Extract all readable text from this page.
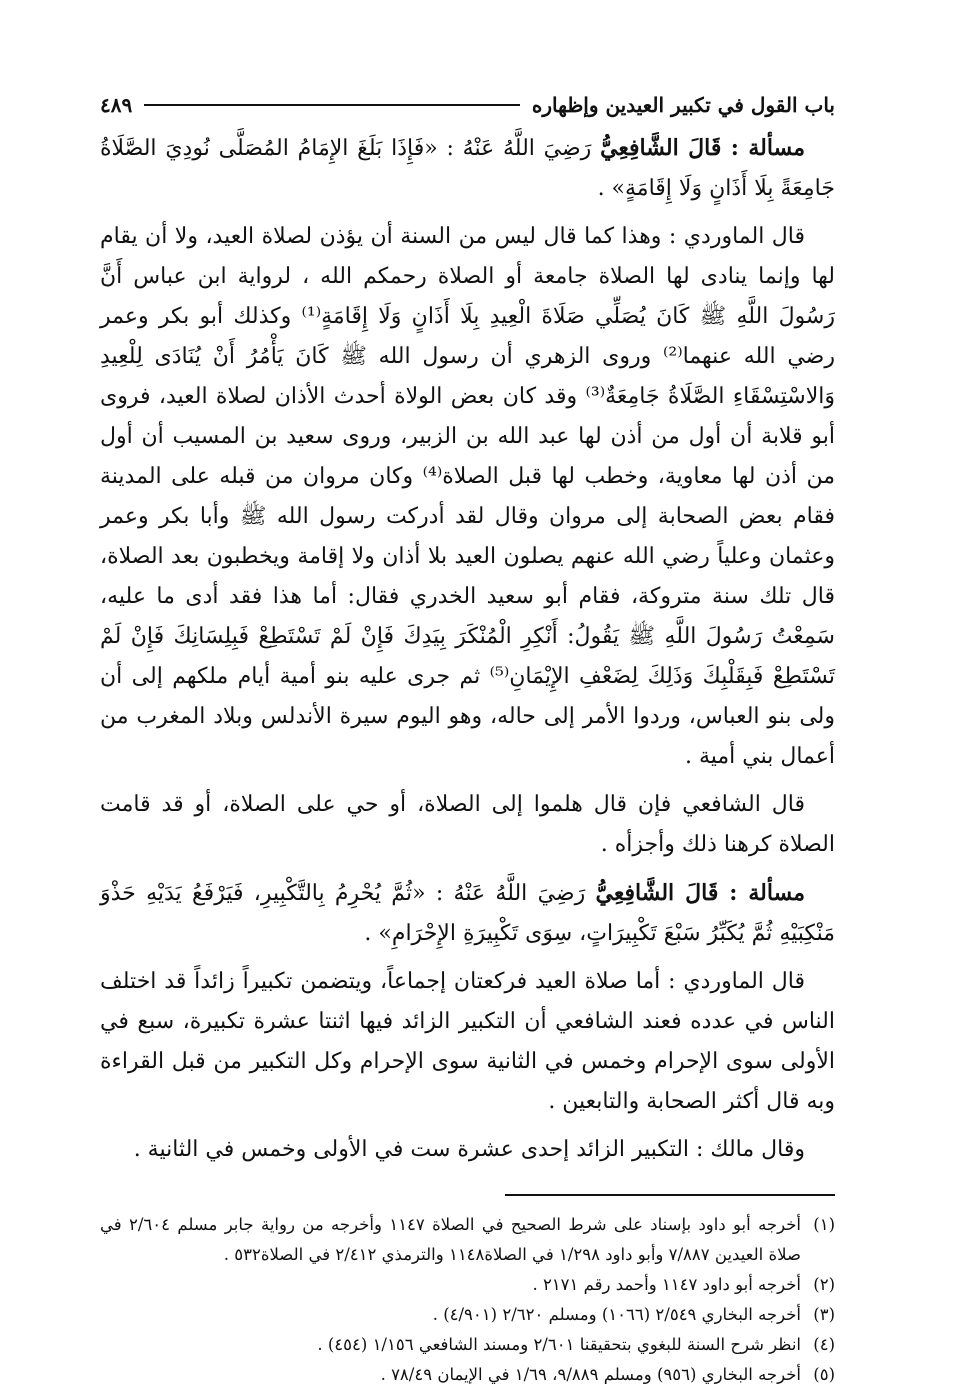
باب القول في تكبير العيدين وإظهاره
٤٨٩

مسألة : قَالَ الشَّافِعِيُّ رَضِيَ اللَّهُ عَنْهُ : «فَإِذَا بَلَغَ الإِمَامُ المُصَلَّى نُودِيَ الصَّلَاةُ جَامِعَةً بِلَا أَذَانٍ وَلَا إِقَامَةٍ» .

قال الماوردي : وهذا كما قال ليس من السنة أن يؤذن لصلاة العيد، ولا أن يقام لها وإنما ينادى لها الصلاة جامعة أو الصلاة رحمكم الله ، لرواية ابن عباس أَنَّ رَسُولَ اللَّهِ ﷺ كَانَ يُصَلِّي صَلَاةَ الْعِيدِ بِلَا أَذَانٍ وَلَا إِقَامَةٍ⁽¹⁾ وكذلك أبو بكر وعمر رضي الله عنهما⁽²⁾ وروى الزهري أن رسول الله ﷺ كَانَ يَأْمُرُ أَنْ يُنَادَى لِلْعِيدِ وَالاسْتِسْقَاءِ الصَّلَاةُ جَامِعَةٌ⁽³⁾ وقد كان بعض الولاة أحدث الأذان لصلاة العيد، فروى أبو قلابة أن أول من أذن لها عبد الله بن الزبير، وروى سعيد بن المسيب أن أول من أذن لها معاوية، وخطب لها قبل الصلاة⁽⁴⁾ وكان مروان من قبله على المدينة فقام بعض الصحابة إلى مروان وقال لقد أدركت رسول الله ﷺ وأبا بكر وعمر وعثمان وعلياً رضي الله عنهم يصلون العيد بلا أذان ولا إقامة ويخطبون بعد الصلاة، قال تلك سنة متروكة، فقام أبو سعيد الخدري فقال: أما هذا فقد أدى ما عليه، سَمِعْتُ رَسُولَ اللَّهِ ﷺ يَقُولُ: أَنْكِرِ الْمُنْكَرَ بِيَدِكَ فَإِنْ لَمْ تَسْتَطِعْ فَبِلِسَانِكَ فَإِنْ لَمْ تَسْتَطِعْ فَبِقَلْبِكَ وَذَلِكَ لِضَعْفِ الإِيْمَانِ⁽⁵⁾ ثم جرى عليه بنو أمية أيام ملكهم إلى أن ولى بنو العباس، وردوا الأمر إلى حاله، وهو اليوم سيرة الأندلس وبلاد المغرب من أعمال بني أمية .

قال الشافعي فإن قال هلموا إلى الصلاة، أو حي على الصلاة، أو قد قامت الصلاة كرهنا ذلك وأجزأه .

مسألة : قَالَ الشَّافِعِيُّ رَضِيَ اللَّهُ عَنْهُ : «ثُمَّ يُحْرِمُ بِالتَّكْبِيرِ، فَيَرْفَعُ يَدَيْهِ حَذْوَ مَنْكِبَيْهِ ثُمَّ يُكَبِّرُ سَبْعَ تَكْبِيرَاتٍ، سِوَى تَكْبِيرَةِ الإِحْرَامِ» .

قال الماوردي : أما صلاة العيد فركعتان إجماعاً، ويتضمن تكبيراً زائداً قد اختلف الناس في عدده فعند الشافعي أن التكبير الزائد فيها اثنتا عشرة تكبيرة، سبع في الأولى سوى الإحرام وخمس في الثانية سوى الإحرام وكل التكبير من قبل القراءة وبه قال أكثر الصحابة والتابعين .

وقال مالك : التكبير الزائد إحدى عشرة ست في الأولى وخمس في الثانية .

(١)
أخرجه أبو داود بإسناد على شرط الصحيح في الصلاة ١١٤٧ وأخرجه من رواية جابر مسلم ٢/٦٠٤ في صلاة العيدين ٧/٨٨٧ وأبو داود ١/٢٩٨ في الصلاة١١٤٨ والترمذي ٢/٤١٢ في الصلاة٥٣٢ .
(٢)
أخرجه أبو داود ١١٤٧ وأحمد رقم ٢١٧١ .
(٣)
أخرجه البخاري ٢/٥٤٩ (١٠٦٦) ومسلم ٢/٦٢٠ (٤/٩٠١) .
(٤)
انظر شرح السنة للبغوي بتحقيقنا ٢/٦٠١ ومسند الشافعي ١/١٥٦ (٤٥٤) .
(٥)
أخرجه البخاري (٩٥٦) ومسلم ٩/٨٨٩، ١/٦٩ في الإيمان ٧٨/٤٩ .
